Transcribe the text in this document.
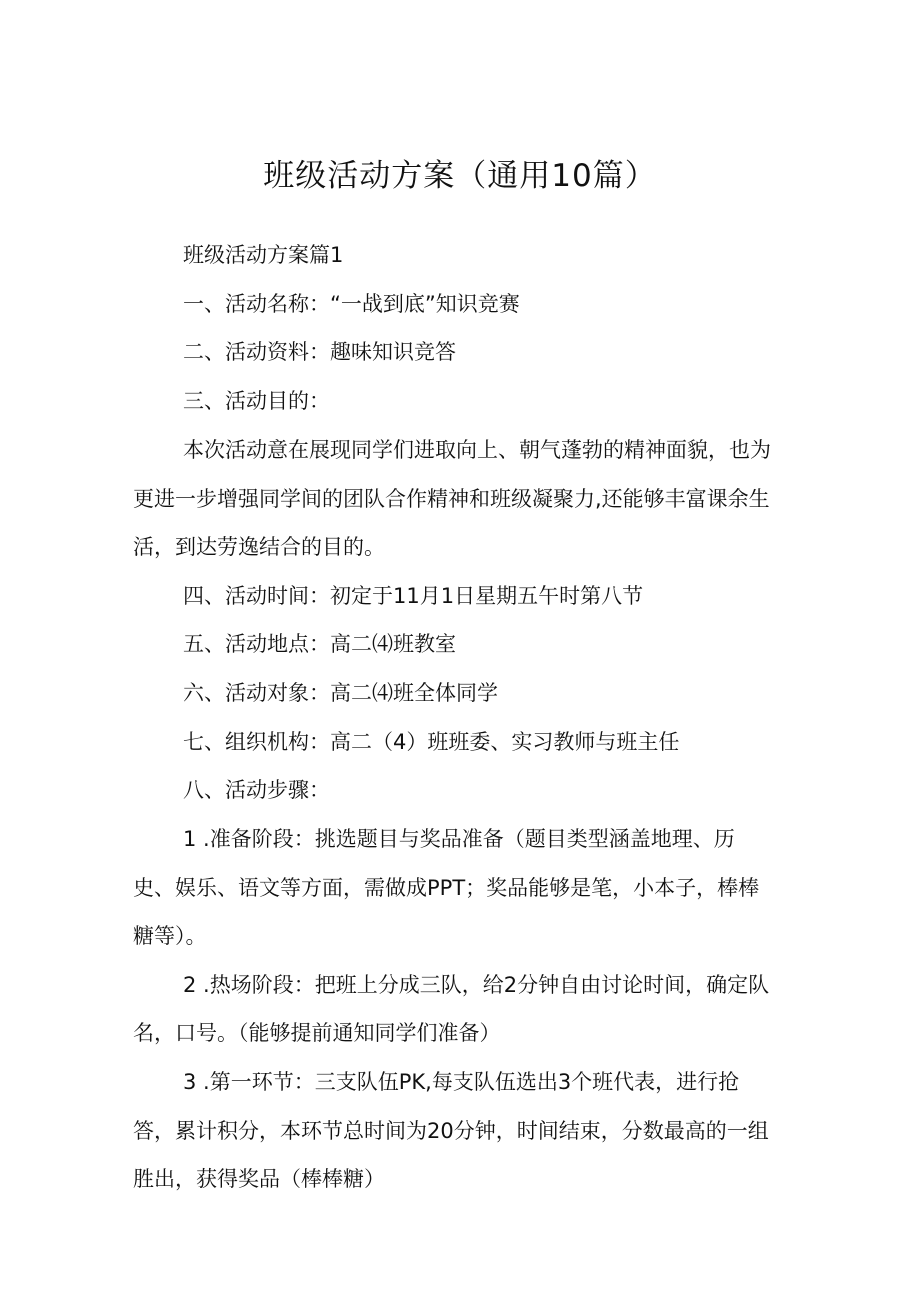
班级活动方案（通用10篇）
班级活动方案篇1
一、活动名称：“一战到底”知识竞赛
二、活动资料：趣味知识竞答
三、活动目的：
本次活动意在展现同学们进取向上、朝气蓬勃的精神面貌，也为
更进一步增强同学间的团队合作精神和班级凝聚力,还能够丰富课余生
活，到达劳逸结合的目的。
四、活动时间：初定于11月1日星期五午时第八节
五、活动地点：高二⑷班教室
六、活动对象：高二⑷班全体同学
七、组织机构：高二（4）班班委、实习教师与班主任
八、活动步骤：
1 .准备阶段：挑选题目与奖品准备（题目类型涵盖地理、历
史、娱乐、语文等方面，需做成PPT；奖品能够是笔，小本子，棒棒
糖等）。
2 .热场阶段：把班上分成三队，给2分钟自由讨论时间，确定队
名，口号。（能够提前通知同学们准备）
3 .第一环节：三支队伍PK,每支队伍选出3个班代表，进行抢
答，累计积分，本环节总时间为20分钟，时间结束，分数最高的一组
胜出，获得奖品（棒棒糖）
